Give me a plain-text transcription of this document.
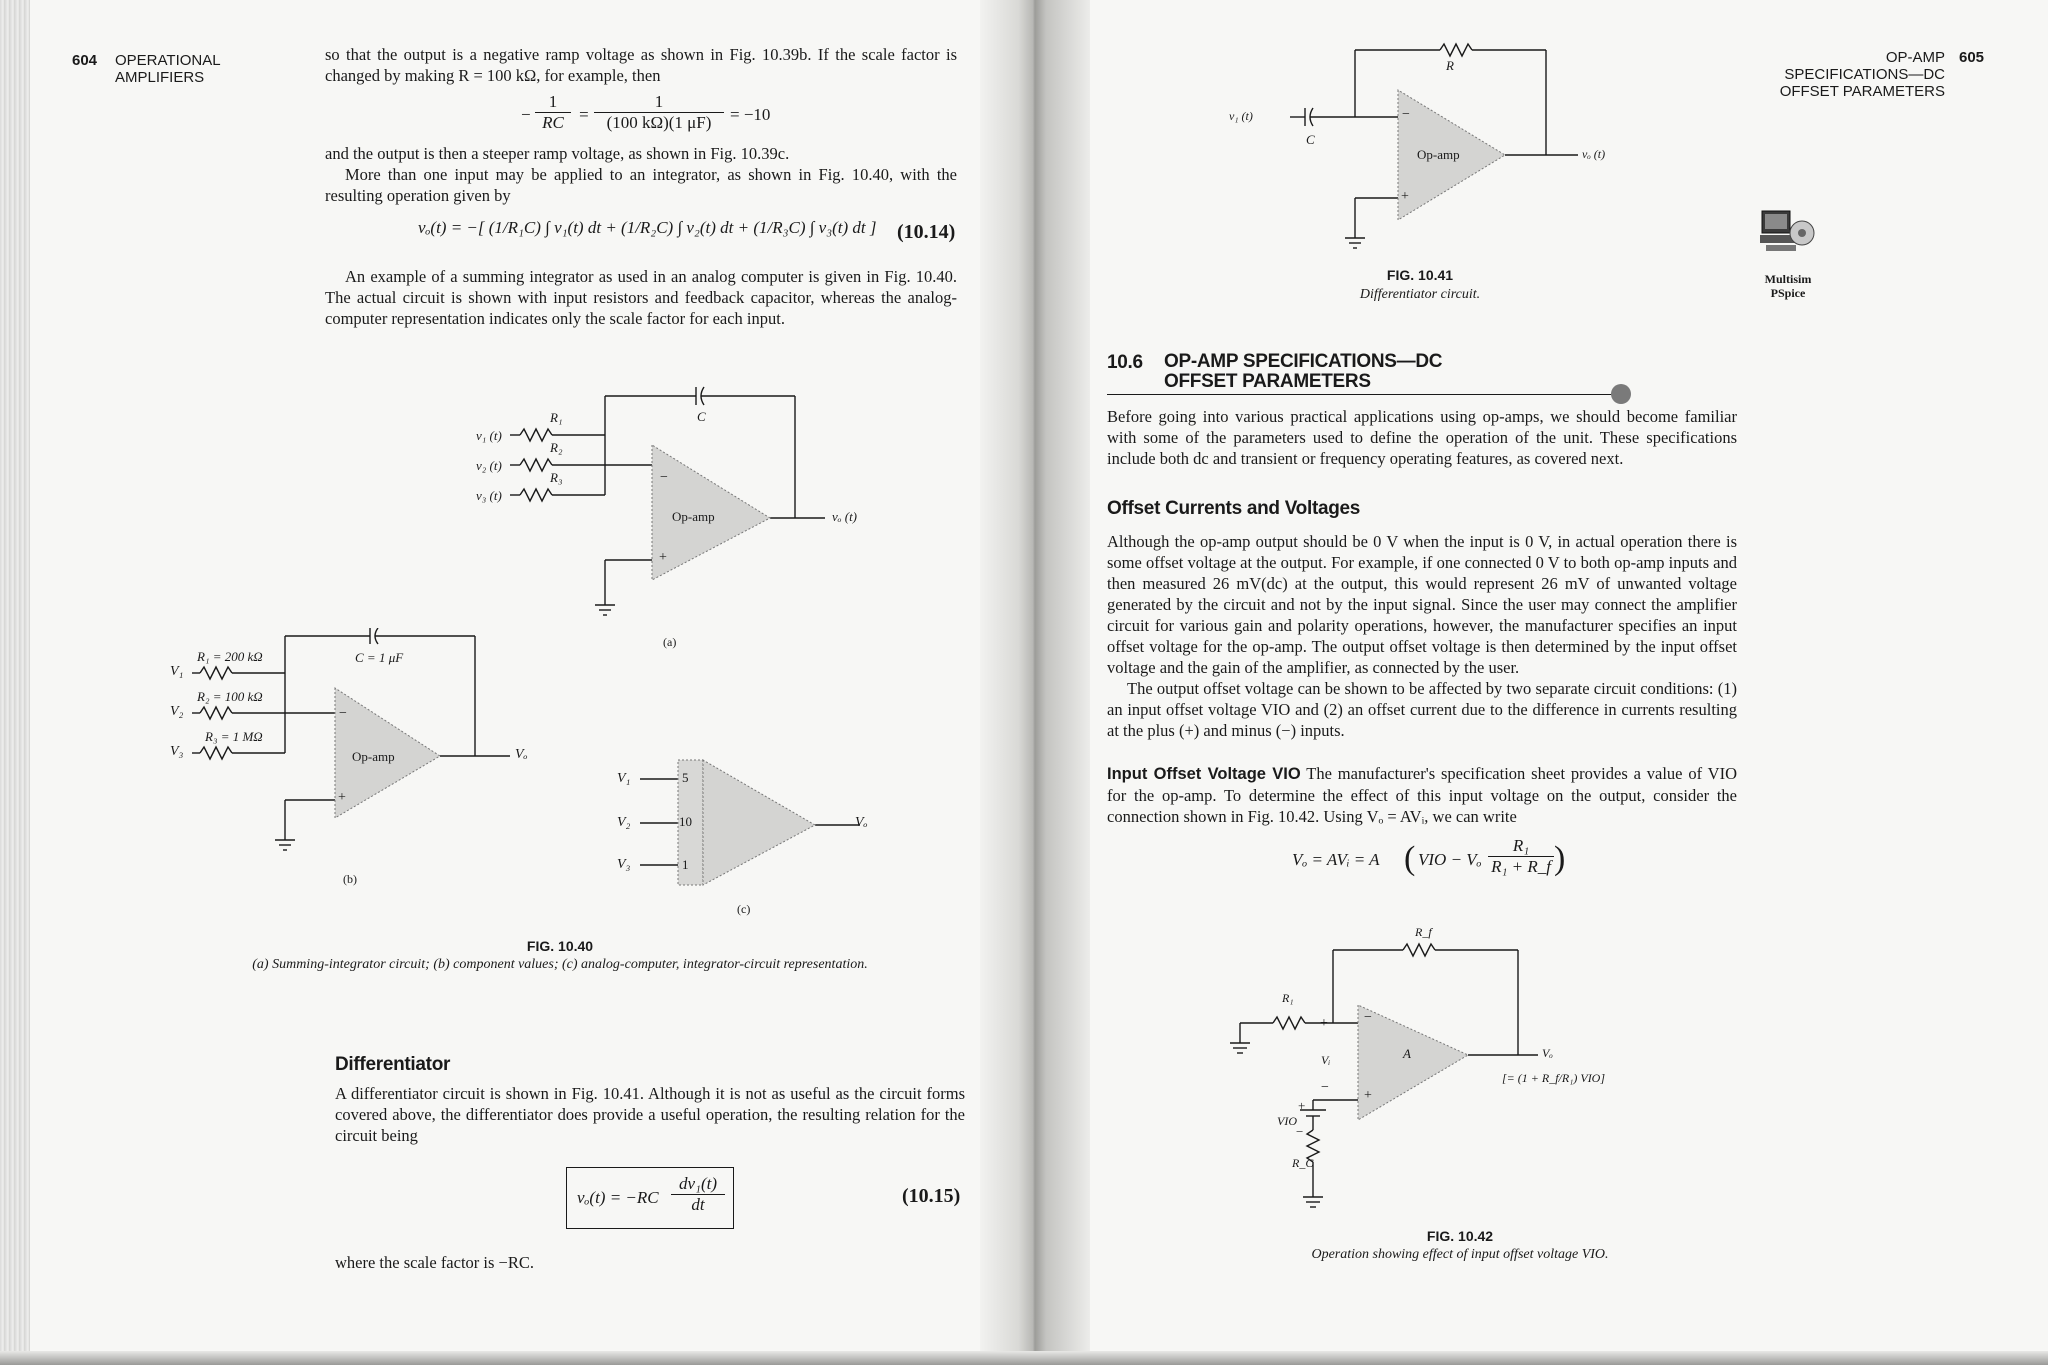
604 OPERATIONAL
AMPLIFIERS
so that the output is a negative ramp voltage as shown in Fig. 10.39b. If the scale factor is changed by making R = 100 kΩ, for example, then
− $\frac{1}{RC} = \frac{1}{(100 k\Omega)(1 \mu F)} = -10$
and the output is then a steeper ramp voltage, as shown in Fig. 10.39c.
More than one input may be applied to an integrator, as shown in Fig. 10.40, with the resulting operation given by
vₒ(t) = −[ (1/R₁C) ∫ v₁(t) dt + (1/R₂C) ∫ v₂(t) dt + (1/R₃C) ∫ v₃(t) dt ] (10.14)
An example of a summing integrator as used in an analog computer is given in Fig. 10.40. The actual circuit is shown with input resistors and feedback capacitor, whereas the analog-computer representation indicates only the scale factor for each input.
v₁ (t)
v₂ (t)
v₃ (t)
R₁
R₂
R₃
C
Op-amp
−
+
vₒ (t)
(a)
V₁
V₂
V₃
R₁ = 200 kΩ
R₂ = 100 kΩ
R₃ = 1 MΩ
C = 1 μF
Op-amp
−
+
Vₒ
(b)
V₁
V₂
V₃
5
10
1
Vₒ
(c)
FIG. 10.40
(a) Summing-integrator circuit; (b) component values; (c) analog-computer, integrator-circuit representation.
Differentiator
A differentiator circuit is shown in Fig. 10.41. Although it is not as useful as the circuit forms covered above, the differentiator does provide a useful operation, the resulting relation for the circuit being
$v_o(t) = -RC \frac{\text{dv₁(t)}}{dt}$	(10.15)
where the scale factor is −RC.
OP-AMP
SPECIFICATIONS—DC
OFFSET PARAMETERS
605
Multisim
PSpice
v₁ (t)
C
R
Op-amp
−
+
vₒ (t)
FIG. 10.41
Differentiator circuit.
10.6 OP-AMP SPECIFICATIONS—DC
OFFSET PARAMETERS
Before going into various practical applications using op-amps, we should become familiar with some of the parameters used to define the operation of the unit. These specifications include both dc and transient or frequency operating features, as covered next.
Offset Currents and Voltages
Although the op-amp output should be 0 V when the input is 0 V, in actual operation there is some offset voltage at the output. For example, if one connected 0 V to both op-amp inputs and then measured 26 mV(dc) at the output, this would represent 26 mV of unwanted voltage generated by the circuit and not by the input signal. Since the user may connect the amplifier circuit for various gain and polarity operations, however, the manufacturer specifies an input offset voltage for the op-amp. The output offset voltage is then determined by the input offset voltage and the gain of the amplifier, as connected by the user.
The output offset voltage can be shown to be affected by two separate circuit conditions: (1) an input offset voltage VIO and (2) an offset current due to the difference in currents resulting at the plus (+) and minus (−) inputs.
Input Offset Voltage VIO The manufacturer's specification sheet provides a value of VIO for the op-amp. To determine the effect of this input voltage on the output, consider the connection shown in Fig. 10.42. Using Vₒ = AVᵢ, we can write
Vₒ = AVᵢ = A ( VIO − Vₒ $\frac{\text{R₁}}{\text{R₁ + R\_f}}$ )
R₁
R_f
A
Vᵢ
+
−
−
+
+
VIO
−
R_C
Vₒ
[= (1 + R_f/R₁) VIO]
FIG. 10.42
Operation showing effect of input offset voltage VIO.
